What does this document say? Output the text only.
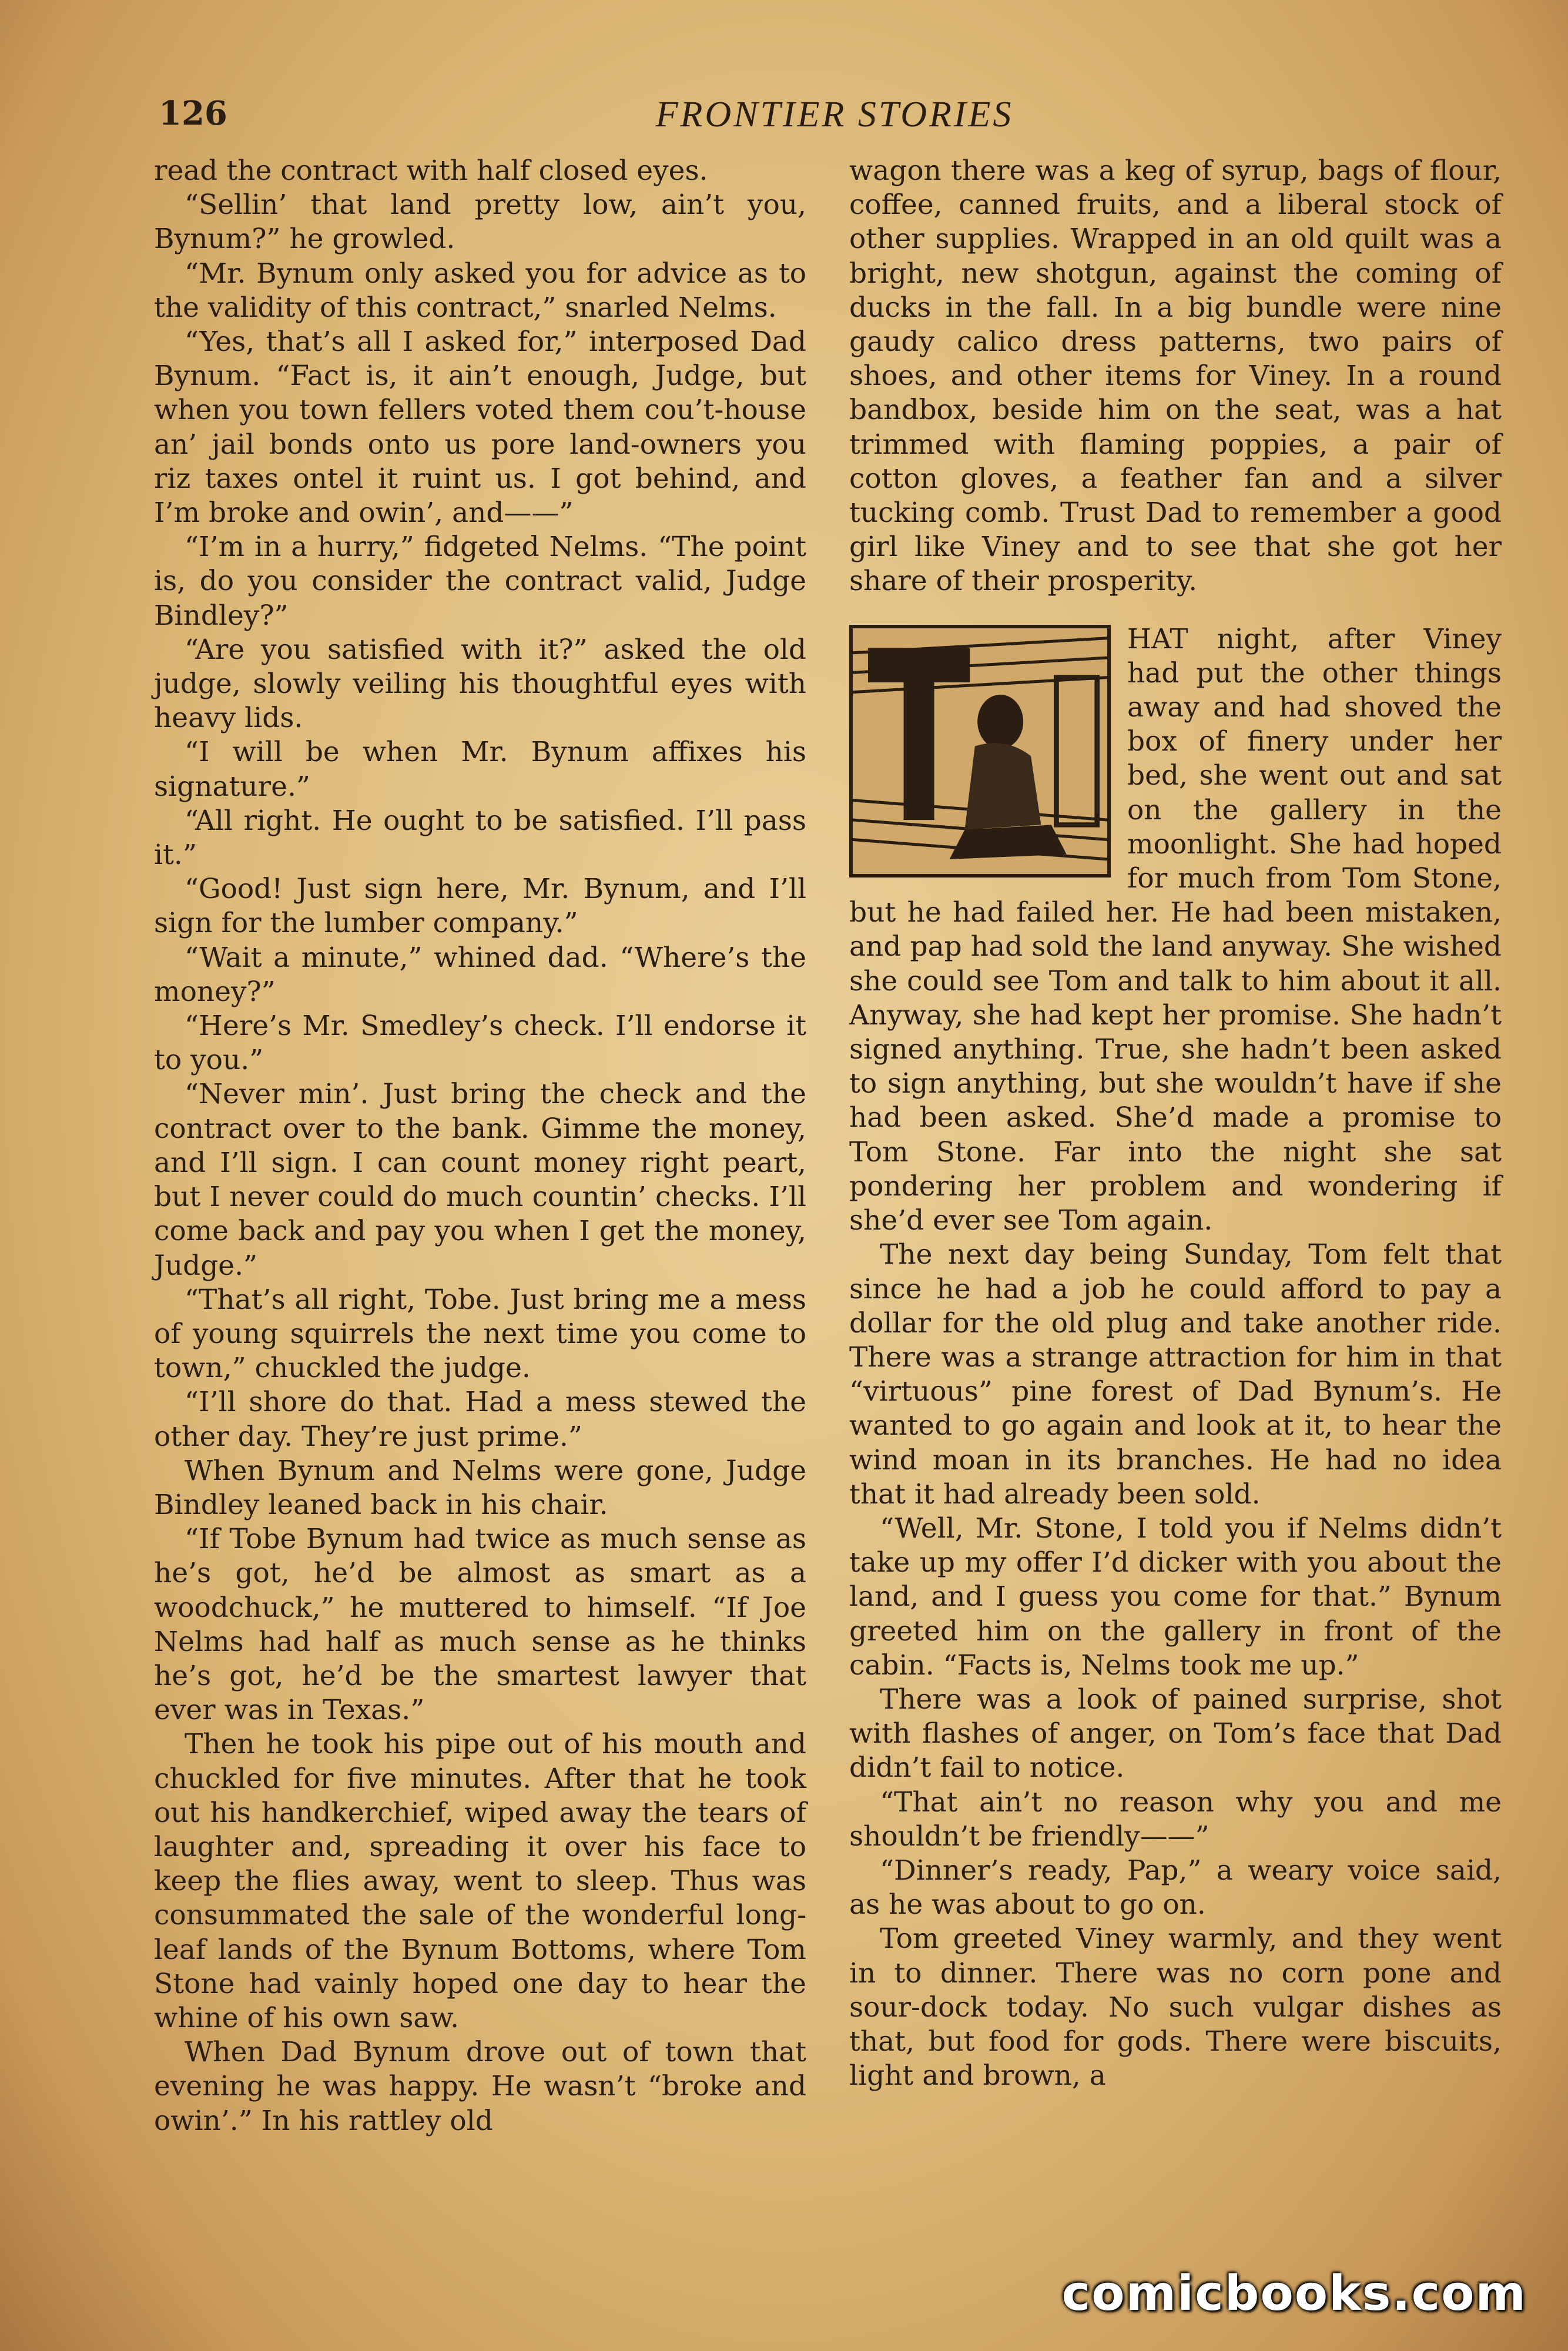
126	FRONTIER STORIES

read the contract with half closed eyes.

“Sellin’ that land pretty low, ain’t you, Bynum?” he growled.

“Mr. Bynum only asked you for advice as to the validity of this contract,” snarled Nelms.

“Yes, that’s all I asked for,” interposed Dad Bynum. “Fact is, it ain’t enough, Judge, but when you town fellers voted them cou’t-house an’ jail bonds onto us pore land-owners you riz taxes ontel it ruint us. I got behind, and I’m broke and owin’, and——”

“I’m in a hurry,” fidgeted Nelms. “The point is, do you consider the contract valid, Judge Bindley?”

“Are you satisfied with it?” asked the old judge, slowly veiling his thoughtful eyes with heavy lids.

“I will be when Mr. Bynum affixes his signature.”

“All right. He ought to be satisfied. I’ll pass it.”

“Good! Just sign here, Mr. Bynum, and I’ll sign for the lumber company.”

“Wait a minute,” whined dad. “Where’s the money?”

“Here’s Mr. Smedley’s check. I’ll endorse it to you.”

“Never min’. Just bring the check and the contract over to the bank. Gimme the money, and I’ll sign. I can count money right peart, but I never could do much countin’ checks. I’ll come back and pay you when I get the money, Judge.”

“That’s all right, Tobe. Just bring me a mess of young squirrels the next time you come to town,” chuckled the judge.

“I’ll shore do that. Had a mess stewed the other day. They’re just prime.”

When Bynum and Nelms were gone, Judge Bindley leaned back in his chair.

“If Tobe Bynum had twice as much sense as he’s got, he’d be almost as smart as a woodchuck,” he muttered to himself. “If Joe Nelms had half as much sense as he thinks he’s got, he’d be the smartest lawyer that ever was in Texas.”

Then he took his pipe out of his mouth and chuckled for five minutes. After that he took out his handkerchief, wiped away the tears of laughter and, spreading it over his face to keep the flies away, went to sleep. Thus was consummated the sale of the wonderful long-leaf lands of the Bynum Bottoms, where Tom Stone had vainly hoped one day to hear the whine of his own saw.

When Dad Bynum drove out of town that evening he was happy. He wasn’t “broke and owin’.” In his rattley old

wagon there was a keg of syrup, bags of flour, coffee, canned fruits, and a liberal stock of other supplies. Wrapped in an old quilt was a bright, new shotgun, against the coming of ducks in the fall. In a big bundle were nine gaudy calico dress patterns, two pairs of shoes, and other items for Viney. In a round bandbox, beside him on the seat, was a hat trimmed with flaming poppies, a pair of cotton gloves, a feather fan and a silver tucking comb. Trust Dad to remember a good girl like Viney and to see that she got her share of their prosperity.

HAT night, after Viney had put the other things away and had shoved the box of finery under her bed, she went out and sat on the gallery in the moonlight. She had hoped for much from Tom Stone, but he had failed her. He had been mistaken, and pap had sold the land anyway. She wished she could see Tom and talk to him about it all. Anyway, she had kept her promise. She hadn’t signed anything. True, she hadn’t been asked to sign anything, but she wouldn’t have if she had been asked. She’d made a promise to Tom Stone. Far into the night she sat pondering her problem and wondering if she’d ever see Tom again.

The next day being Sunday, Tom felt that since he had a job he could afford to pay a dollar for the old plug and take another ride. There was a strange attraction for him in that “virtuous” pine forest of Dad Bynum’s. He wanted to go again and look at it, to hear the wind moan in its branches. He had no idea that it had already been sold.

“Well, Mr. Stone, I told you if Nelms didn’t take up my offer I’d dicker with you about the land, and I guess you come for that.” Bynum greeted him on the gallery in front of the cabin. “Facts is, Nelms took me up.”

There was a look of pained surprise, shot with flashes of anger, on Tom’s face that Dad didn’t fail to notice.

“That ain’t no reason why you and me shouldn’t be friendly——”

“Dinner’s ready, Pap,” a weary voice said, as he was about to go on.

Tom greeted Viney warmly, and they went in to dinner. There was no corn pone and sour-dock today. No such vulgar dishes as that, but food for gods. There were biscuits, light and brown, a

comicbooks.com
